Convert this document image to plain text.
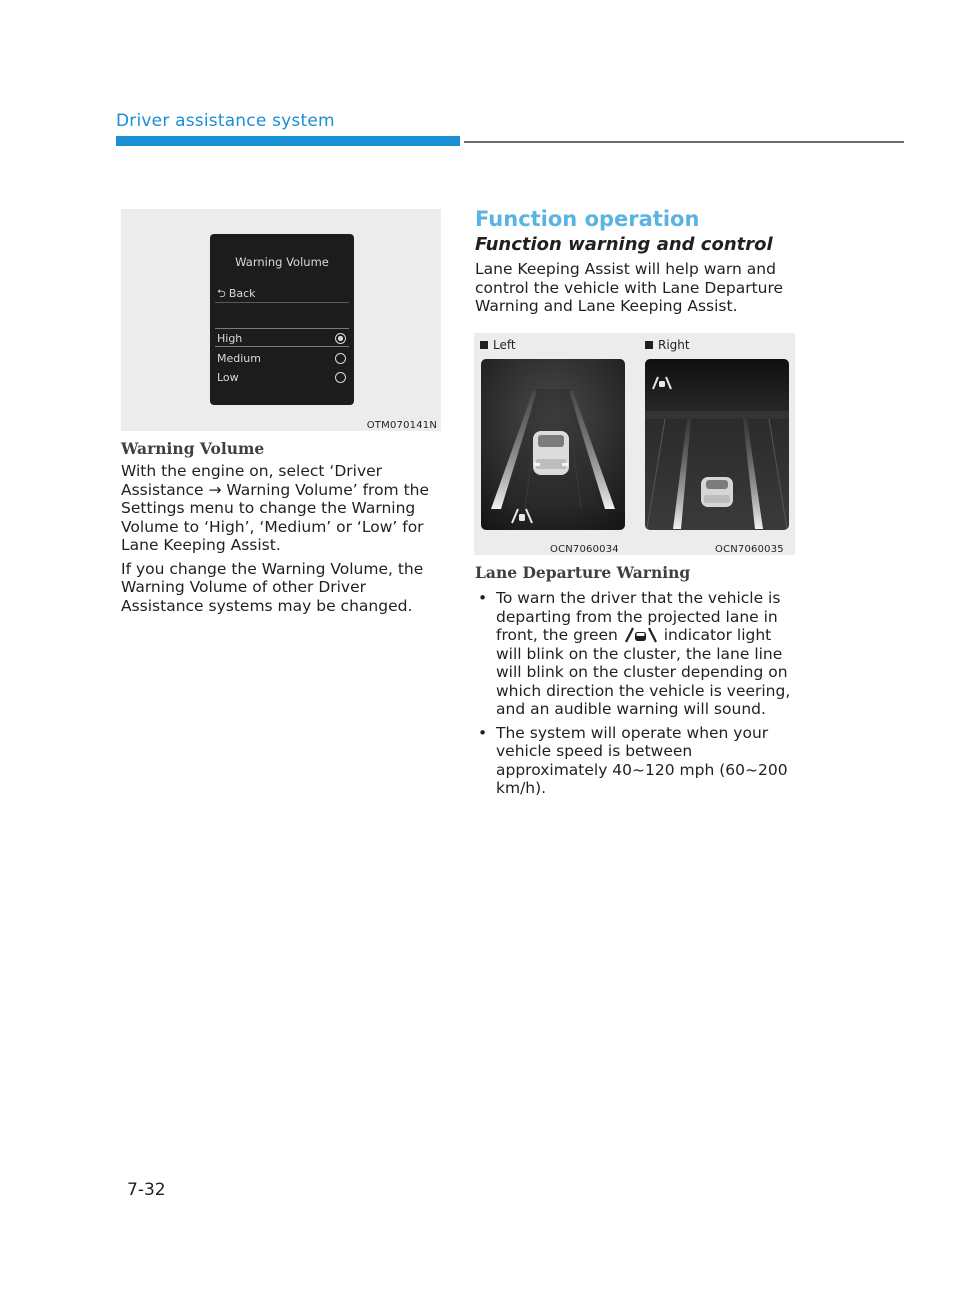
Driver assistance system
Warning Volume
⮌ Back
High
Medium
Low
OTM070141N
Warning Volume

With the engine on, select ‘Driver Assistance → Warning Volume’ from the Settings menu to change the Warning Volume to ‘High’, ‘Medium’ or ‘Low’ for Lane Keeping Assist.

If you change the Warning Volume, the Warning Volume of other Driver Assistance systems may be changed.

Function operation
Function warning and control
Lane Keeping Assist will help warn and control the vehicle with Lane Departure Warning and Lane Keeping Assist.
Left	Right
OCN7060034	OCN7060035
Lane Departure Warning
• To warn the driver that the vehicle is departing from the projected lane in front, the green	indicator light will blink on the cluster, the lane line will blink on the cluster depending on which direction the vehicle is veering, and an audible warning will sound.
• The system will operate when your vehicle speed is between approximately 40~120 mph (60~200 km/h).
7-32
